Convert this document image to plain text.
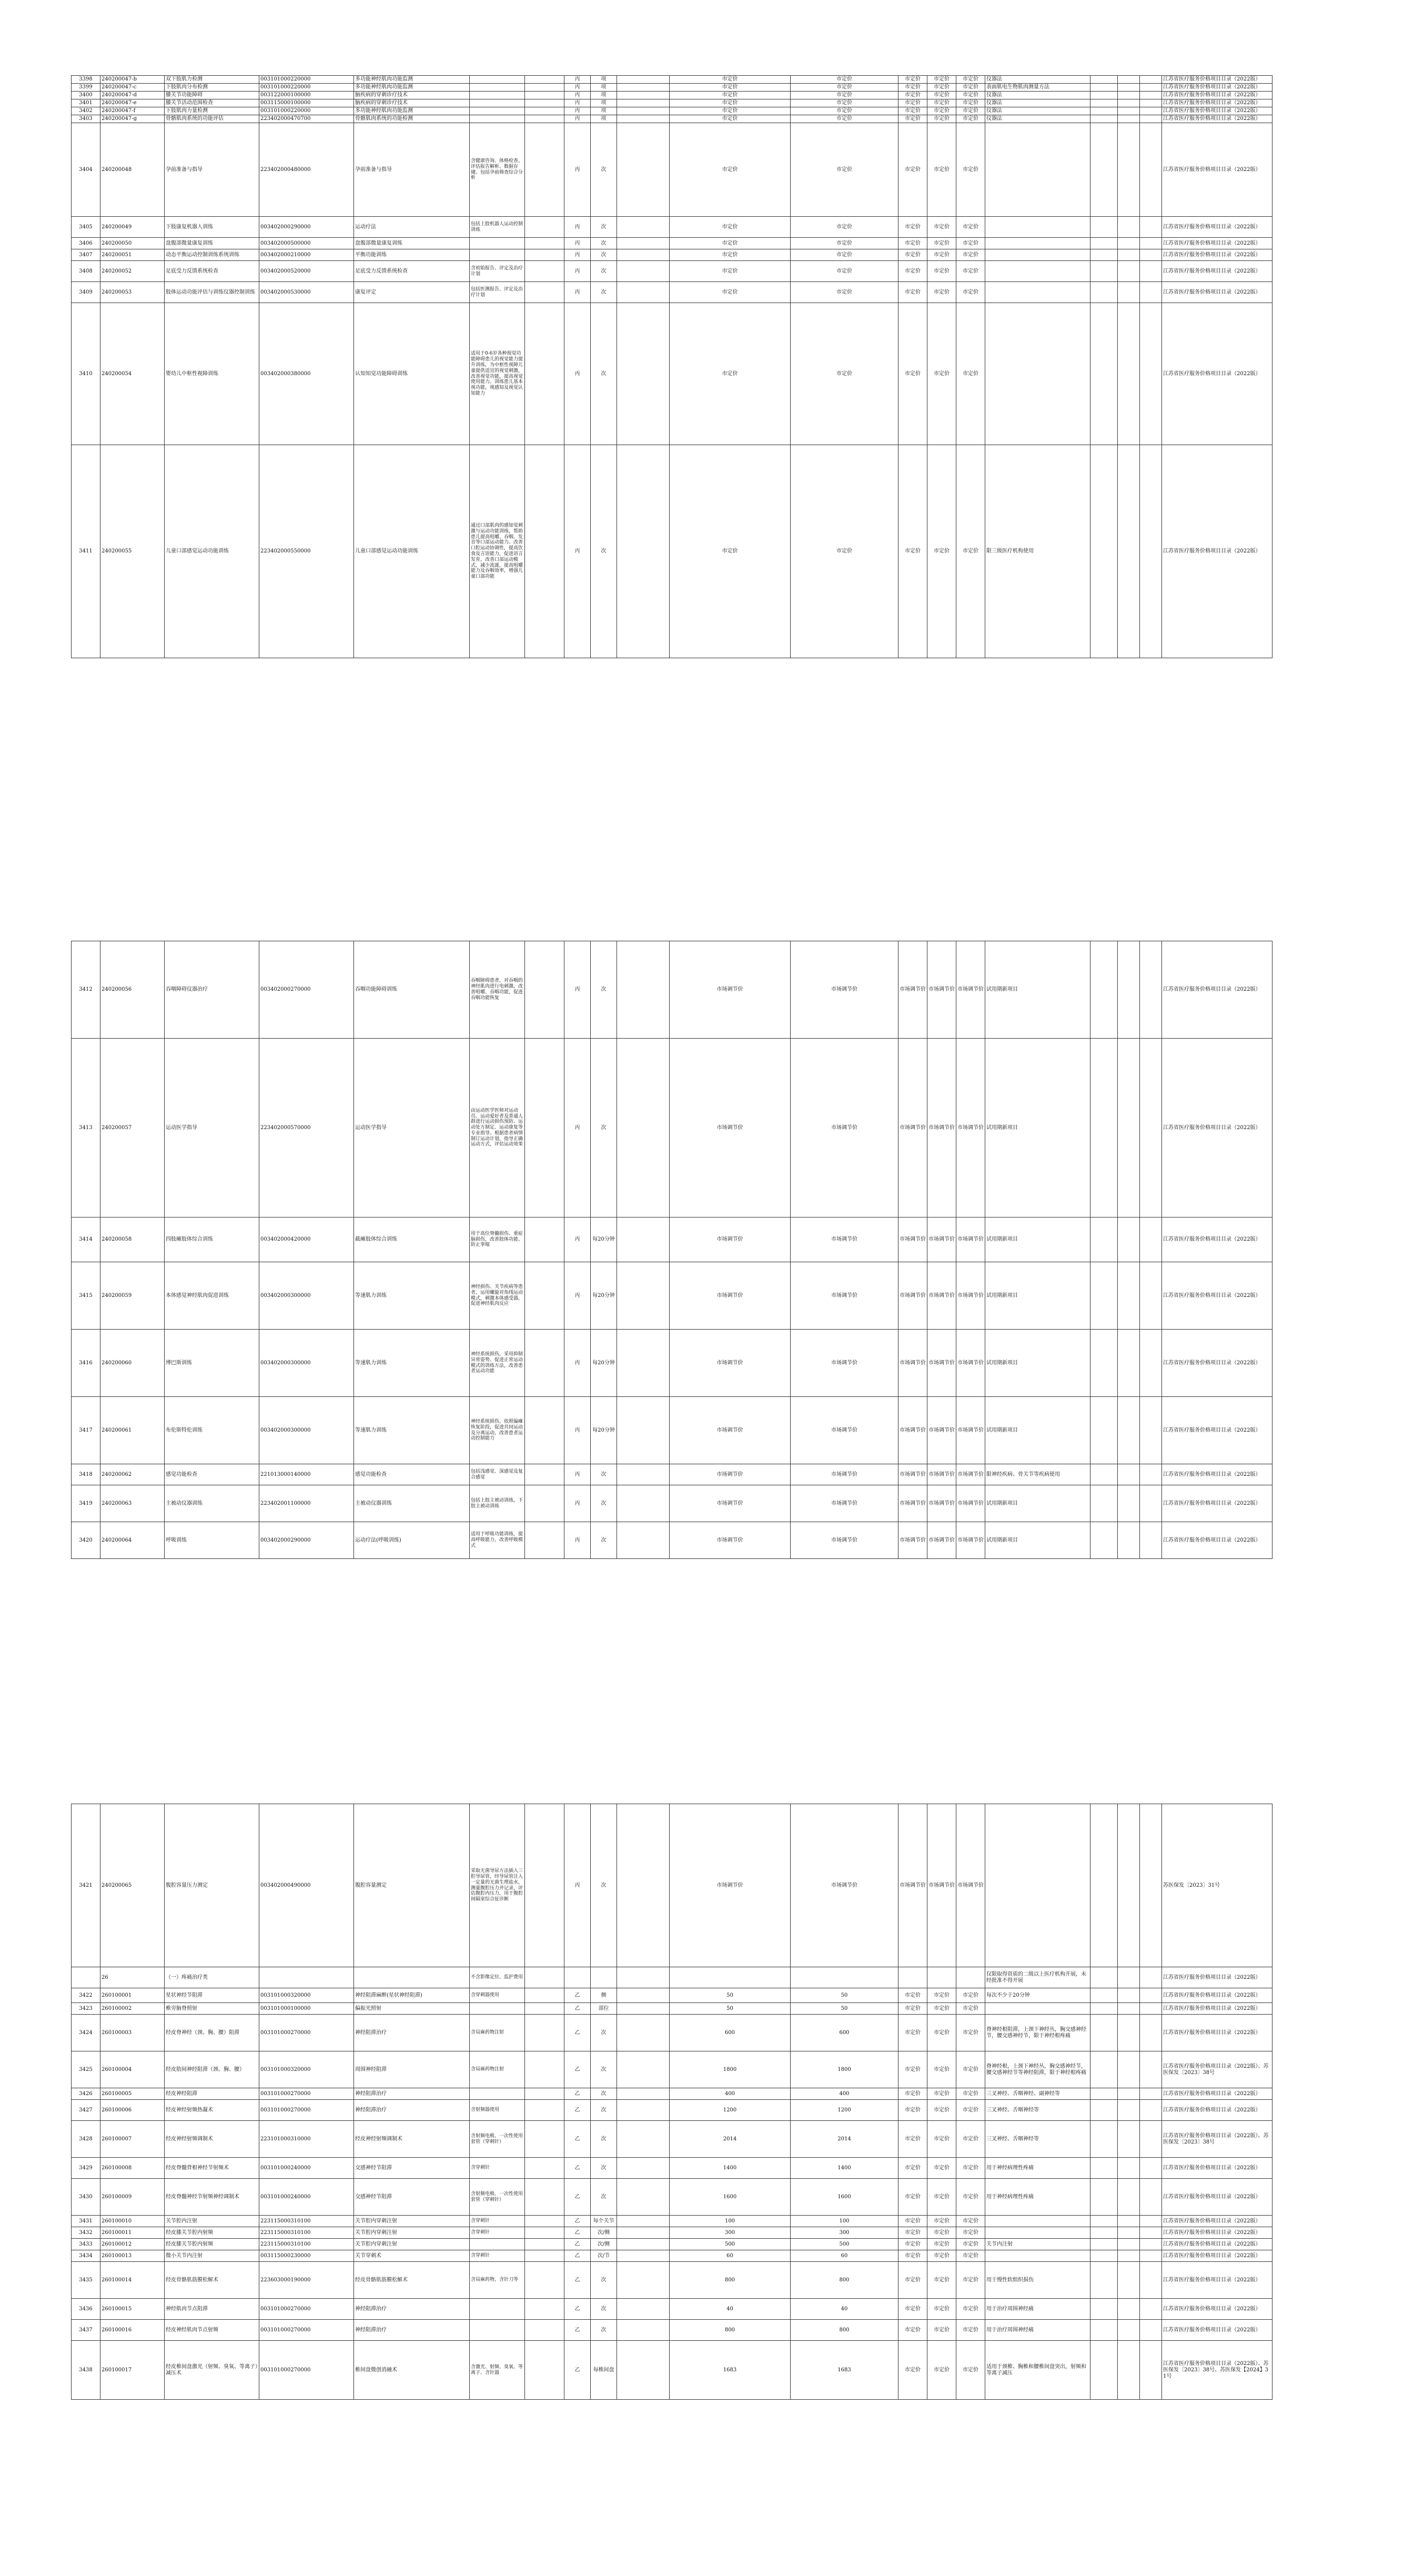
3398	240200047-b	双下肢肌力检测	003101000220000	多功能神经肌肉功能监测			丙	项		市定价	市定价	市定价	市定价	市定价	仪器法				江苏省医疗服务价格项目目录（2022版）
3399	240200047-c	下肢肌肉分布检测	003101000220000	多功能神经肌肉功能监测			丙	项		市定价	市定价	市定价	市定价	市定价	表面肌电生物肌肉测量方法				江苏省医疗服务价格项目目录（2022版）
3400	240200047-d	膝关节功能障碍	003122000100000	脑疾病的穿刺诊疗技术			丙	项		市定价	市定价	市定价	市定价	市定价	仪器法				江苏省医疗服务价格项目目录（2022版）
3401	240200047-e	膝关节活动范围检查	003115000100000	脑疾病的穿刺诊疗技术			丙	项		市定价	市定价	市定价	市定价	市定价	仪器法				江苏省医疗服务价格项目目录（2022版）
3402	240200047-f	下肢肌肉力量检测	003101000220000	多功能神经肌肉功能监测			丙	项		市定价	市定价	市定价	市定价	市定价	仪器法				江苏省医疗服务价格项目目录（2022版）
3403	240200047-g	骨骼肌肉系统的功能评估	223402000470700	骨骼肌肉系统的功能检测			丙	项		市定价	市定价	市定价	市定价	市定价	仪器法				江苏省医疗服务价格项目目录（2022版）
3404	240200048	孕前准备与指导	223402000480000	孕前准备与指导	含健康咨询、体格检查、评估报告解析、数据存储。包括孕前筛查综合分析		丙	次		市定价	市定价	市定价	市定价	市定价					江苏省医疗服务价格项目目录（2022版）
3405	240200049	下肢康复机器人训练	003402000290000	运动疗法	包括上肢机器人运动控制训练		丙	次		市定价	市定价	市定价	市定价	市定价					江苏省医疗服务价格项目目录（2022版）
3406	240200050	盘腹部微量康复训练	003402000500000	盘腹部微量康复训练			丙	次		市定价	市定价	市定价	市定价	市定价					江苏省医疗服务价格项目目录（2022版）
3407	240200051	动态平衡运动控制训练系统训练	003402000210000	平衡功能训练			丙	次		市定价	市定价	市定价	市定价	市定价					江苏省医疗服务价格项目目录（2022版）
3408	240200052	足底受力反馈系统检查	003402000520000	足底受力反馈系统检查	含初始报告、评定及治疗计划		丙	次		市定价	市定价	市定价	市定价	市定价					江苏省医疗服务价格项目目录（2022版）
3409	240200053	肢体运动功能评估与训练仪器控制训练	003402000530000	康复评定	包括医测报告、评定及治疗计划		丙	次		市定价	市定价	市定价	市定价	市定价					江苏省医疗服务价格项目目录（2022版）
3410	240200054	婴幼儿中枢性视障训练	003402000380000	认知知觉功能障碍训练	适用于0-6岁各种视觉功能障碍患儿的视觉能力提升训练，为中枢性视障儿童提供适宜的视觉刺激，改善视觉功能，提高视觉使用能力。训练患儿基本视功能，视感知及视觉认知能力		丙	次		市定价	市定价	市定价	市定价	市定价					江苏省医疗服务价格项目目录（2022版）
3411	240200055	儿童口部感觉运动功能训练	223402000550000	儿童口部感觉运动功能训练	通过口部肌肉的感知觉刺激与运动功能训练，帮助患儿提高咀嚼、吞咽、发音等口部运动能力。改善口腔运动协调性，提高饮食及言语能力，促进语言发育，改善口部运动模式，减少流涎，提高咀嚼能力及吞咽效率，增强儿童口部功能		丙	次		市定价	市定价	市定价	市定价	市定价	限三级医疗机构使用				江苏省医疗服务价格项目目录（2022版）
3412	240200056	吞咽障碍仪器治疗	003402000270000	吞咽功能障碍训练	吞咽障碍患者，对吞咽的神经肌肉进行电刺激，改善咀嚼、吞咽功能，促进吞咽功能恢复		丙	次		市场调节价	市场调节价	市场调节价	市场调节价	市场调节价	试用期新项目				江苏省医疗服务价格项目目录（2022版）
3413	240200057	运动医学指导	223402000570000	运动医学指导	由运动医学医师对运动员、运动爱好者及普通人群进行运动损伤预防、运动处方制定、运动康复等专业指导。根据患者病情制订运动计划，指导正确运动方式，评估运动效果		丙	次		市场调节价	市场调节价	市场调节价	市场调节价	市场调节价	试用期新项目				江苏省医疗服务价格项目目录（2022版）
3414	240200058	四肢瘫肢体综合训练	003402000420000	截瘫肢体综合训练	用于高位脊髓损伤、重症脑损伤，改善肢体功能、防止挛缩		丙	每20分钟		市场调节价	市场调节价	市场调节价	市场调节价	市场调节价	试用期新项目				江苏省医疗服务价格项目目录（2022版）
3415	240200059	本体感觉神经肌肉促进训练	003402000300000	等速肌力训练	神经损伤、关节疾病等患者，运用螺旋对角线运动模式，刺激本体感受器，促进神经肌肉反应		丙	每20分钟		市场调节价	市场调节价	市场调节价	市场调节价	市场调节价	试用期新项目				江苏省医疗服务价格项目目录（2022版）
3416	240200060	博巴斯训练	003402000300000	等速肌力训练	神经系统损伤，采用抑制异常姿势、促进正常运动模式的训练方法，改善患者运动功能		丙	每20分钟		市场调节价	市场调节价	市场调节价	市场调节价	市场调节价	试用期新项目				江苏省医疗服务价格项目目录（2022版）
3417	240200061	布伦斯特伦训练	003402000300000	等速肌力训练	神经系统损伤，依照偏瘫恢复阶段，促进共同运动及分离运动，改善患者运动控制能力		丙	每20分钟		市场调节价	市场调节价	市场调节价	市场调节价	市场调节价	试用期新项目				江苏省医疗服务价格项目目录（2022版）
3418	240200062	感觉功能检查	221013000140000	感觉功能检查	包括浅感觉、深感觉及复合感觉		丙	次		市场调节价	市场调节价	市场调节价	市场调节价	市场调节价	限神经疾病、骨关节等疾病使用				江苏省医疗服务价格项目目录（2022版）
3419	240200063	主被动仪器训练	223402001100000	主被动仪器训练	包括上肢主被动训练，下肢主被动训练		丙	次		市场调节价	市场调节价	市场调节价	市场调节价	市场调节价	试用期新项目				江苏省医疗服务价格项目目录（2022版）
3420	240200064	呼吸训练	003402000290000	运动疗法(呼吸训练)	适用于呼吸功能训练，提高呼吸能力，改善呼吸模式		丙	次		市场调节价	市场调节价	市场调节价	市场调节价	市场调节价	试用期新项目				江苏省医疗服务价格项目目录（2022版）
3421	240200065	腹腔容量压力测定	003402000490000	腹腔容量测定	采取无菌导尿方法插入三腔导尿管，经导尿管注入一定量的无菌生理盐水，测量腹腔压力并记录，评估腹腔内压力，用于腹腔间隔室综合征诊断		丙	次		市场调节价	市场调节价	市场调节价	市场调节价	市场调节价					苏医保发〔2023〕31号
	26	（一）疼痛治疗类			不含影像定位、监护费用										仅限取得资质的二级以上医疗机构开展，未经批准不得开展				江苏省医疗服务价格项目目录（2022版）
3422	260100001	星状神经节阻滞	003101000320000	神经阻滞麻醉(星状神经阻滞)	含穿刺器使用		乙	侧		50	50	市定价	市定价	市定价	每次不少于20分钟				江苏省医疗服务价格项目目录（2022版）
3423	260100002	椎旁脑脊照射	003101000100000	偏振光照射			乙	部位		50	50	市定价	市定价	市定价					江苏省医疗服务价格项目目录（2022版）
3424	260100003	经皮脊神经（颈、胸、腰）阻滞	003101000270000	神经阻滞治疗	含局麻药物注射		乙	次		600	600	市定价	市定价	市定价	脊神经根阻滞，上颈下神经丛，胸交感神经节，腰交感神经节，限于神经根疼痛				江苏省医疗服务价格项目目录（2022版）
3425	260100004	经皮肋间神经阻滞（颈、胸、腰）	003101000320000	周围神经阻滞	含局麻药物注射		乙	次		1800	1800	市定价	市定价	市定价	脊神经根，上颈下神经丛，胸交感神经节，腰交感神经节等神经阻滞，限于神经根疼痛				江苏省医疗服务价格项目目录（2022版）、苏医保发〔2023〕38号
3426	260100005	经皮神经阻滞	003101000270000	神经阻滞治疗			乙	次		400	400	市定价	市定价	市定价	三叉神经、舌咽神经、副神经等				江苏省医疗服务价格项目目录（2022版）
3427	260100006	经皮神经射频热凝术	003101000270000	神经阻滞治疗	含射频器使用		乙	次		1200	1200	市定价	市定价	市定价	三叉神经、舌咽神经等				江苏省医疗服务价格项目目录（2022版）
3428	260100007	经皮神经射频调制术	223101000310000	经皮神经射频调制术	含射频电极、一次性使用套管（穿刺针）		乙	次		2014	2014	市定价	市定价	市定价	三叉神经、舌咽神经等				江苏省医疗服务价格项目目录（2022版）、苏医保发〔2023〕38号
3429	260100008	经皮脊髓背根神经节射频术	003101000240000	交感神经节阻滞	含穿刺针		乙	次		1400	1400	市定价	市定价	市定价	用于神经病理性疼痛				江苏省医疗服务价格项目目录（2022版）
3430	260100009	经皮脊髓神经节射频神经调制术	003101000240000	交感神经节阻滞	含射频电极、一次性使用套管（穿刺针）		乙	次		1600	1600	市定价	市定价	市定价	用于神经病理性疼痛				江苏省医疗服务价格项目目录（2022版）
3431	260100010	关节腔内注射	223115000310100	关节腔内穿刺注射	含穿刺针		乙	每个关节		100	100	市定价	市定价	市定价					江苏省医疗服务价格项目目录（2022版）
3432	260100011	经皮膝关节腔内射频	223115000310100	关节腔内穿刺注射	含穿刺针		乙	次/侧		300	300	市定价	市定价	市定价					江苏省医疗服务价格项目目录（2022版）
3433	260100012	经皮膝关节腔内射频	223115000310100	关节腔内穿刺注射			乙	次/侧		500	500	市定价	市定价	市定价	关节内注射				江苏省医疗服务价格项目目录（2022版）
3434	260100013	微小关节内注射	003115000230000	关节穿刺术	含穿刺针		乙	次/节		60	60	市定价	市定价	市定价					江苏省医疗服务价格项目目录（2022版）
3435	260100014	经皮骨骼肌筋膜松解术	223603000190000	经皮骨骼肌筋膜松解术	含局麻药物，含针刀等		乙	次		800	800	市定价	市定价	市定价	用于慢性软组织损伤				江苏省医疗服务价格项目目录（2022版）
3436	260100015	神经肌肉节点阻滞	003101000270000	神经阻滞治疗			乙	次		40	40	市定价	市定价	市定价	用于治疗周围神经痛				江苏省医疗服务价格项目目录（2022版）
3437	260100016	经皮神经肌肉节点射频	003101000270000	神经阻滞治疗			乙	次		800	800	市定价	市定价	市定价	用于治疗周围神经痛				江苏省医疗服务价格项目目录（2022版）
3438	260100017	经皮椎间盘激光（射频、臭氧、等离子）减压术	003101000270000	椎间盘微创消融术	含激光、射频、臭氧、等离子、含针器		乙	每椎间盘		1683	1683	市定价	市定价	市定价	适用于颈椎、胸椎和腰椎间盘突出，射频和等离子减压				江苏省医疗服务价格项目目录（2022版）、苏医保发〔2023〕38号、苏医保发【2024】31号
